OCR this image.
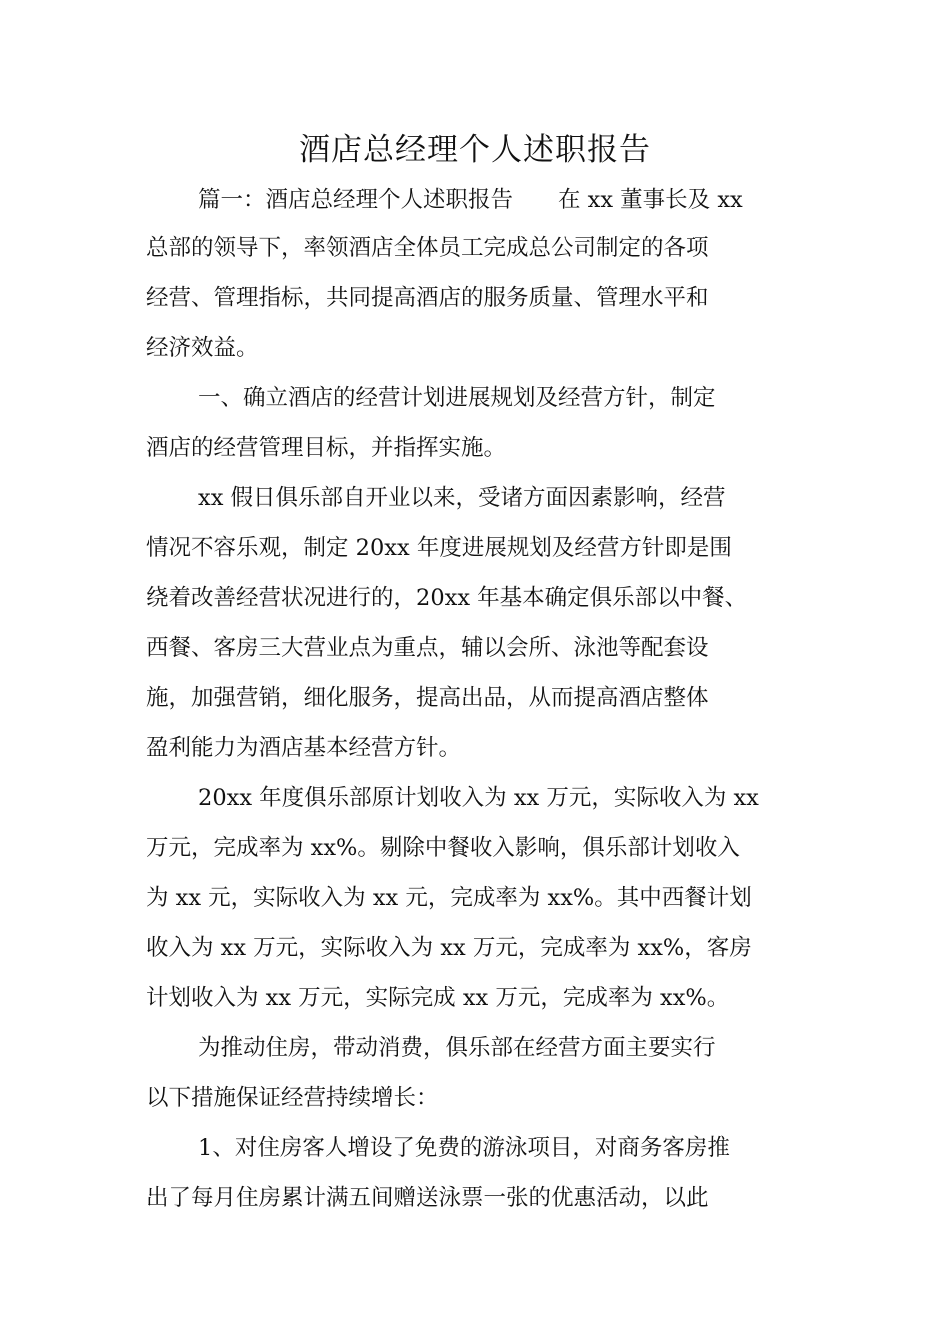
酒店总经理个人述职报告
篇一：酒店总经理个人述职报告　　在 xx 董事长及 xx
总部的领导下，率领酒店全体员工完成总公司制定的各项
经营、管理指标，共同提高酒店的服务质量、管理水平和
经济效益。
一、确立酒店的经营计划进展规划及经营方针，制定
酒店的经营管理目标，并指挥实施。
xx 假日俱乐部自开业以来，受诸方面因素影响，经营
情况不容乐观，制定 20xx 年度进展规划及经营方针即是围
绕着改善经营状况进行的，20xx 年基本确定俱乐部以中餐、
西餐、客房三大营业点为重点，辅以会所、泳池等配套设
施，加强营销，细化服务，提高出品，从而提高酒店整体
盈利能力为酒店基本经营方针。
20xx 年度俱乐部原计划收入为 xx 万元，实际收入为 xx
万元，完成率为 xx%。剔除中餐收入影响，俱乐部计划收入
为 xx 元，实际收入为 xx 元，完成率为 xx%。其中西餐计划
收入为 xx 万元，实际收入为 xx 万元，完成率为 xx%，客房
计划收入为 xx 万元，实际完成 xx 万元，完成率为 xx%。
为推动住房，带动消费，俱乐部在经营方面主要实行
以下措施保证经营持续增长：
1、对住房客人增设了免费的游泳项目，对商务客房推
出了每月住房累计满五间赠送泳票一张的优惠活动，以此
